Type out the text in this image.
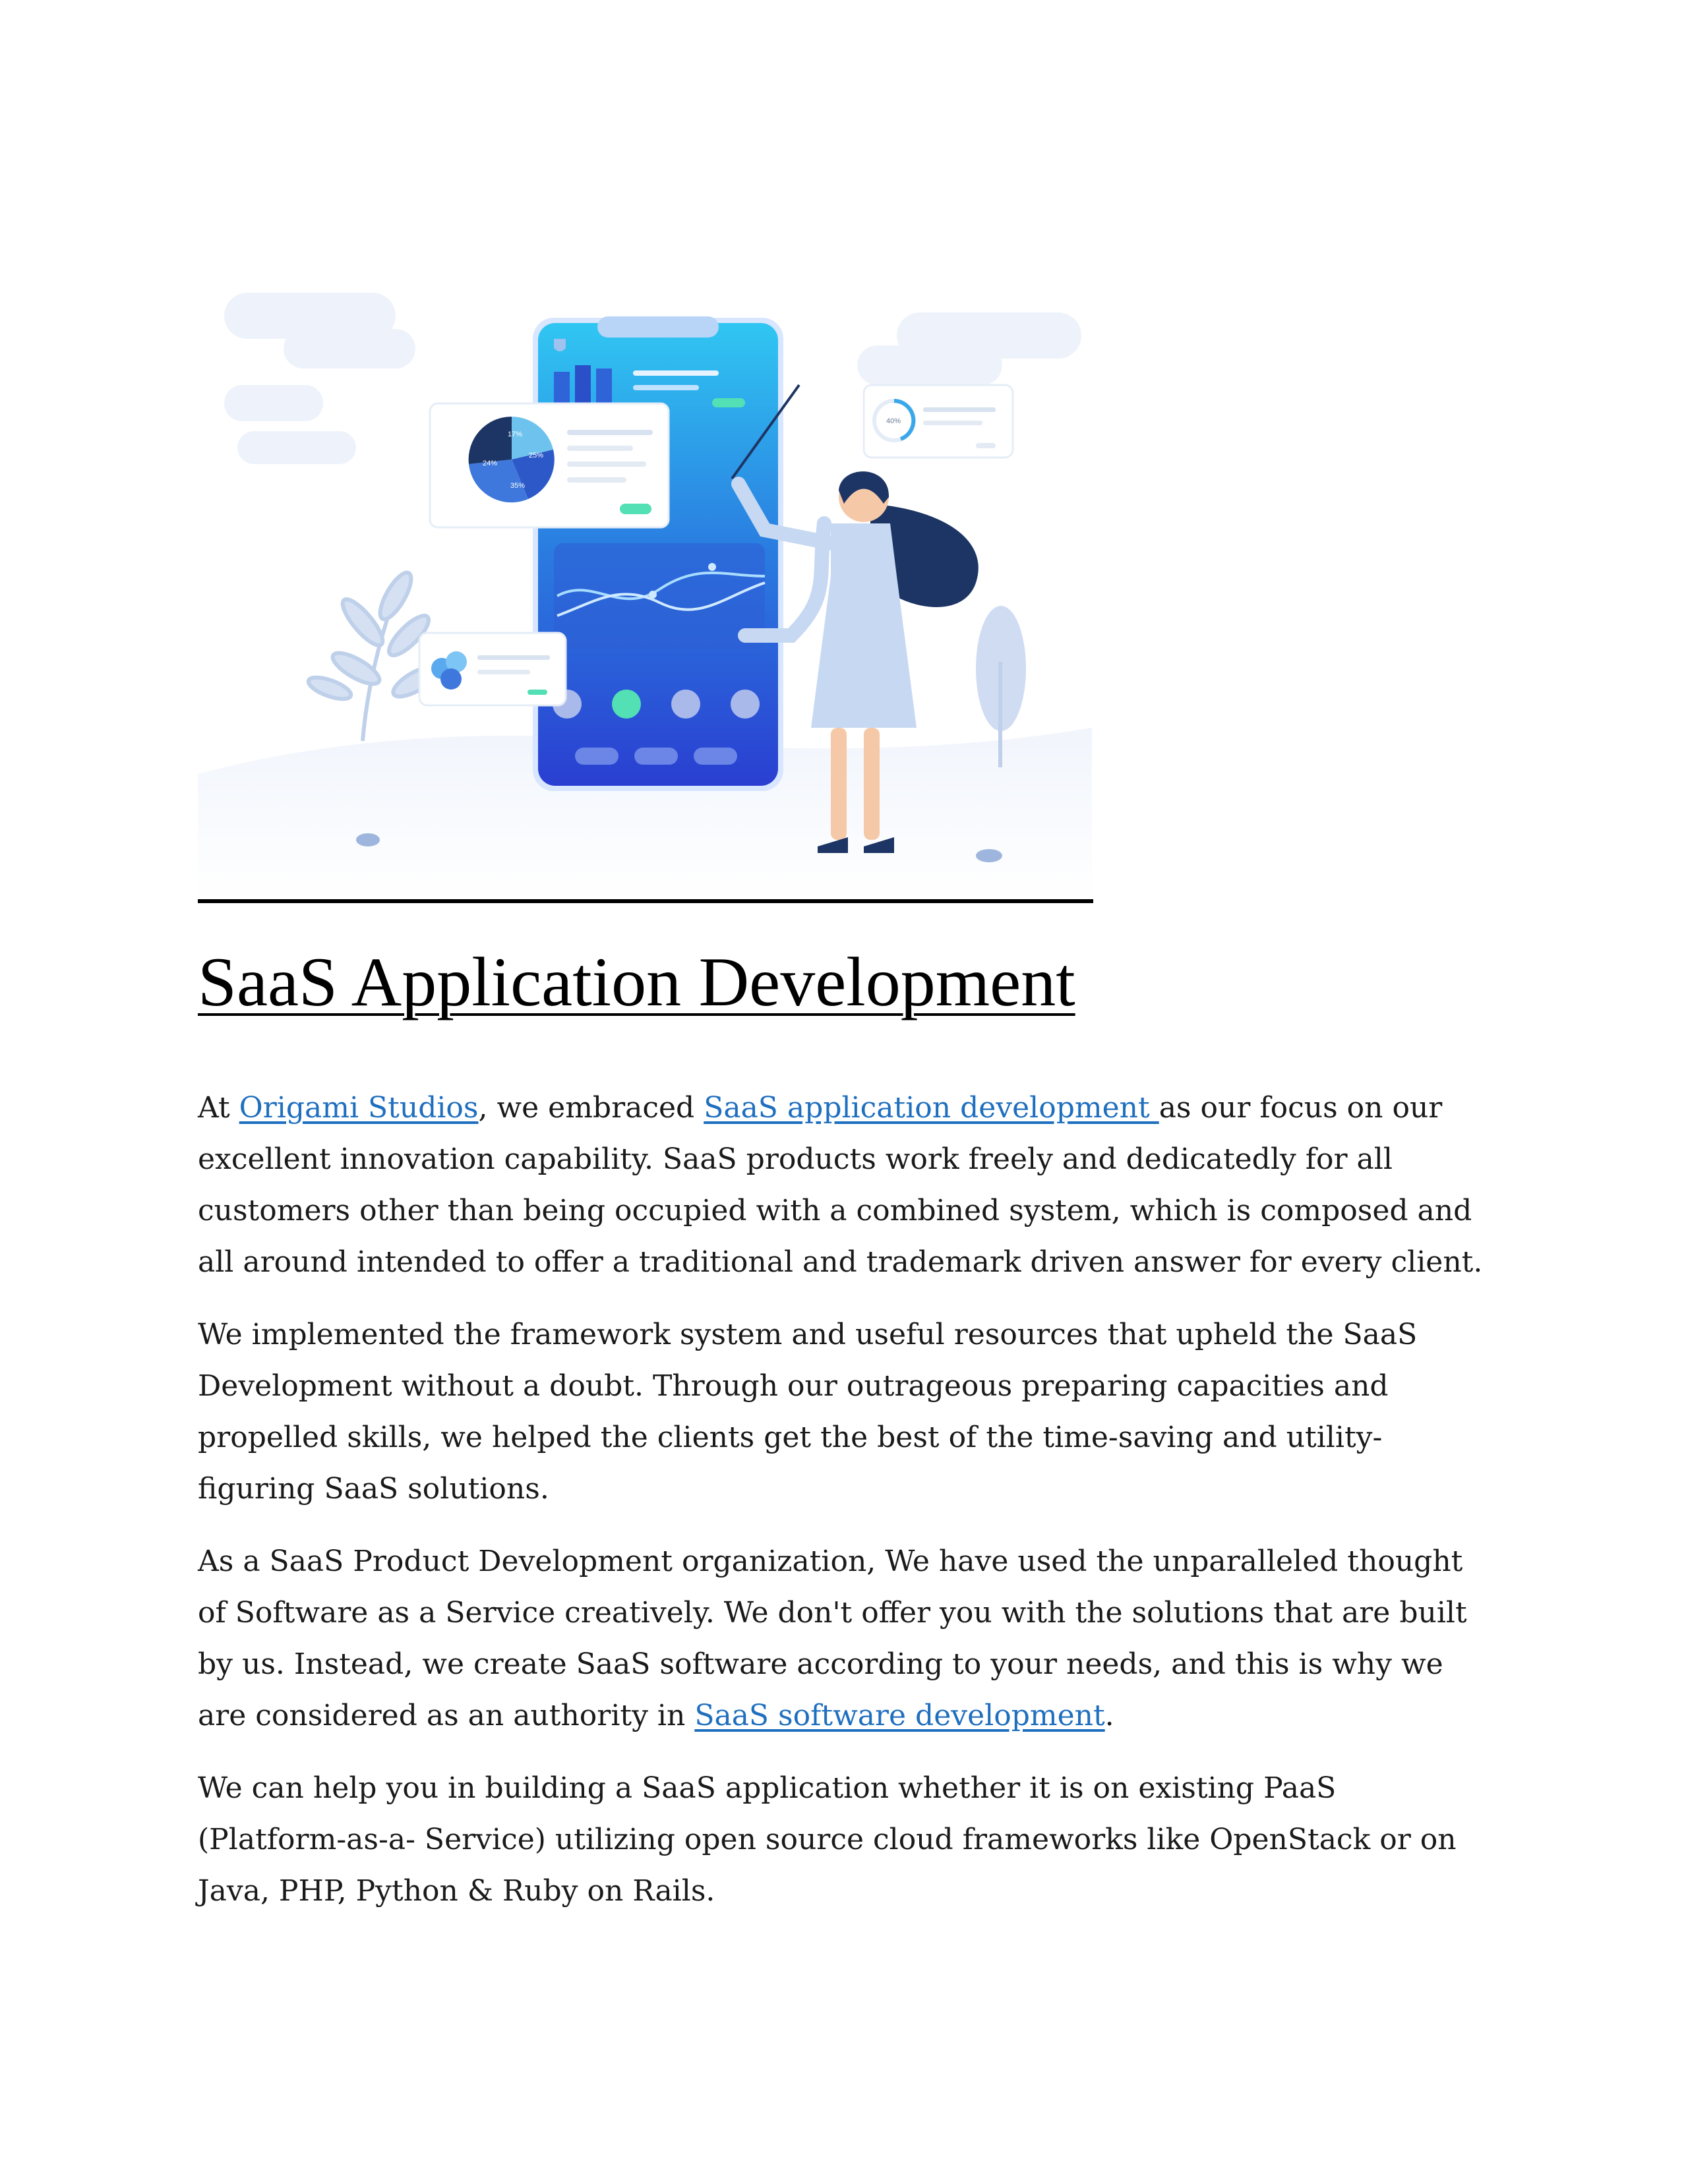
17%
25%
24%
35%
40%
SaaS Application Development

At Origami Studios, we embraced SaaS application development as our focus on our excellent innovation capability. SaaS products work freely and dedicatedly for all customers other than being occupied with a combined system, which is composed and all around intended to offer a traditional and trademark driven answer for every client.

We implemented the framework system and useful resources that upheld the SaaS Development without a doubt. Through our outrageous preparing capacities and propelled skills, we helped the clients get the best of the time-saving and utility-figuring SaaS solutions.

As a SaaS Product Development organization, We have used the unparalleled thought of Software as a Service creatively. We don't offer you with the solutions that are built by us. Instead, we create SaaS software according to your needs, and this is why we are considered as an authority in SaaS software development.

We can help you in building a SaaS application whether it is on existing PaaS (Platform-as-a- Service) utilizing open source cloud frameworks like OpenStack or on Java, PHP, Python & Ruby on Rails.
